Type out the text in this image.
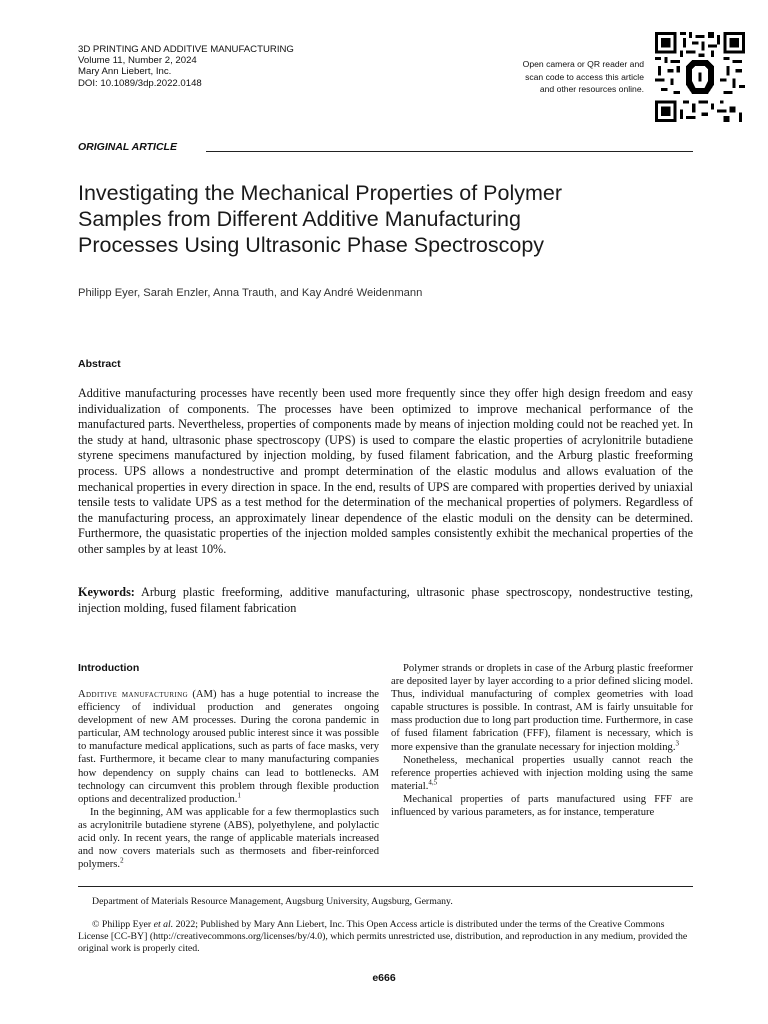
3D PRINTING AND ADDITIVE MANUFACTURING
Volume 11, Number 2, 2024
Mary Ann Liebert, Inc.
DOI: 10.1089/3dp.2022.0148
Open camera or QR reader and
scan code to access this article
and other resources online.
ORIGINAL ARTICLE
Investigating the Mechanical Properties of Polymer
Samples from Different Additive Manufacturing
Processes Using Ultrasonic Phase Spectroscopy
Philipp Eyer, Sarah Enzler, Anna Trauth, and Kay André Weidenmann
Abstract
Additive manufacturing processes have recently been used more frequently since they offer high design freedom and easy individualization of components. The processes have been optimized to improve mechanical performance of the manufactured parts. Nevertheless, properties of components made by means of injection molding could not be reached yet. In the study at hand, ultrasonic phase spectroscopy (UPS) is used to compare the elastic properties of acrylonitrile butadiene styrene specimens manufactured by injection molding, by fused filament fabrication, and the Arburg plastic freeforming process. UPS allows a nondestructive and prompt determination of the elastic modulus and allows evaluation of the mechanical properties in every direction in space. In the end, results of UPS are compared with properties derived by uniaxial tensile tests to validate UPS as a test method for the determination of the mechanical properties of polymers. Regardless of the manufacturing process, an approximately linear dependence of the elastic moduli on the density can be determined. Furthermore, the quasistatic properties of the injection molded samples consistently exhibit the mechanical properties of the other samples by at least 10%.
Keywords: Arburg plastic freeforming, additive manufacturing, ultrasonic phase spectroscopy, nondestructive testing, injection molding, fused filament fabrication
Introduction

Additive manufacturing (AM) has a huge potential to increase the efficiency of individual production and generates ongoing development of new AM processes. During the corona pandemic in particular, AM technology aroused public interest since it was possible to manufacture medical applications, such as parts of face masks, very fast. Furthermore, it became clear to many manufacturing companies how dependency on supply chains can lead to bottlenecks. AM technology can circumvent this problem through flexible production options and decentralized production.$^1$

In the beginning, AM was applicable for a few thermoplastics such as acrylonitrile butadiene styrene (ABS), polyethylene, and polylactic acid only. In recent years, the range of applicable materials increased and now covers materials such as thermosets and fiber-reinforced polymers.$^2$

Polymer strands or droplets in case of the Arburg plastic freeformer are deposited layer by layer according to a prior defined slicing model. Thus, individual manufacturing of complex geometries with load capable structures is possible. In contrast, AM is fairly unsuitable for mass production due to long part production time. Furthermore, in case of fused filament fabrication (FFF), filament is necessary, which is more expensive than the granulate necessary for injection molding.$^3$

Nonetheless, mechanical properties usually cannot reach the reference properties achieved with injection molding using the same material.$^{4,5}$

Mechanical properties of parts manufactured using FFF are influenced by various parameters, as for instance, temperature

Department of Materials Resource Management, Augsburg University, Augsburg, Germany.
© Philipp Eyer et al. 2022; Published by Mary Ann Liebert, Inc. This Open Access article is distributed under the terms of the Creative Commons License [CC-BY] (http://creativecommons.org/licenses/by/4.0), which permits unrestricted use, distribution, and reproduction in any medium, provided the original work is properly cited.
e666
